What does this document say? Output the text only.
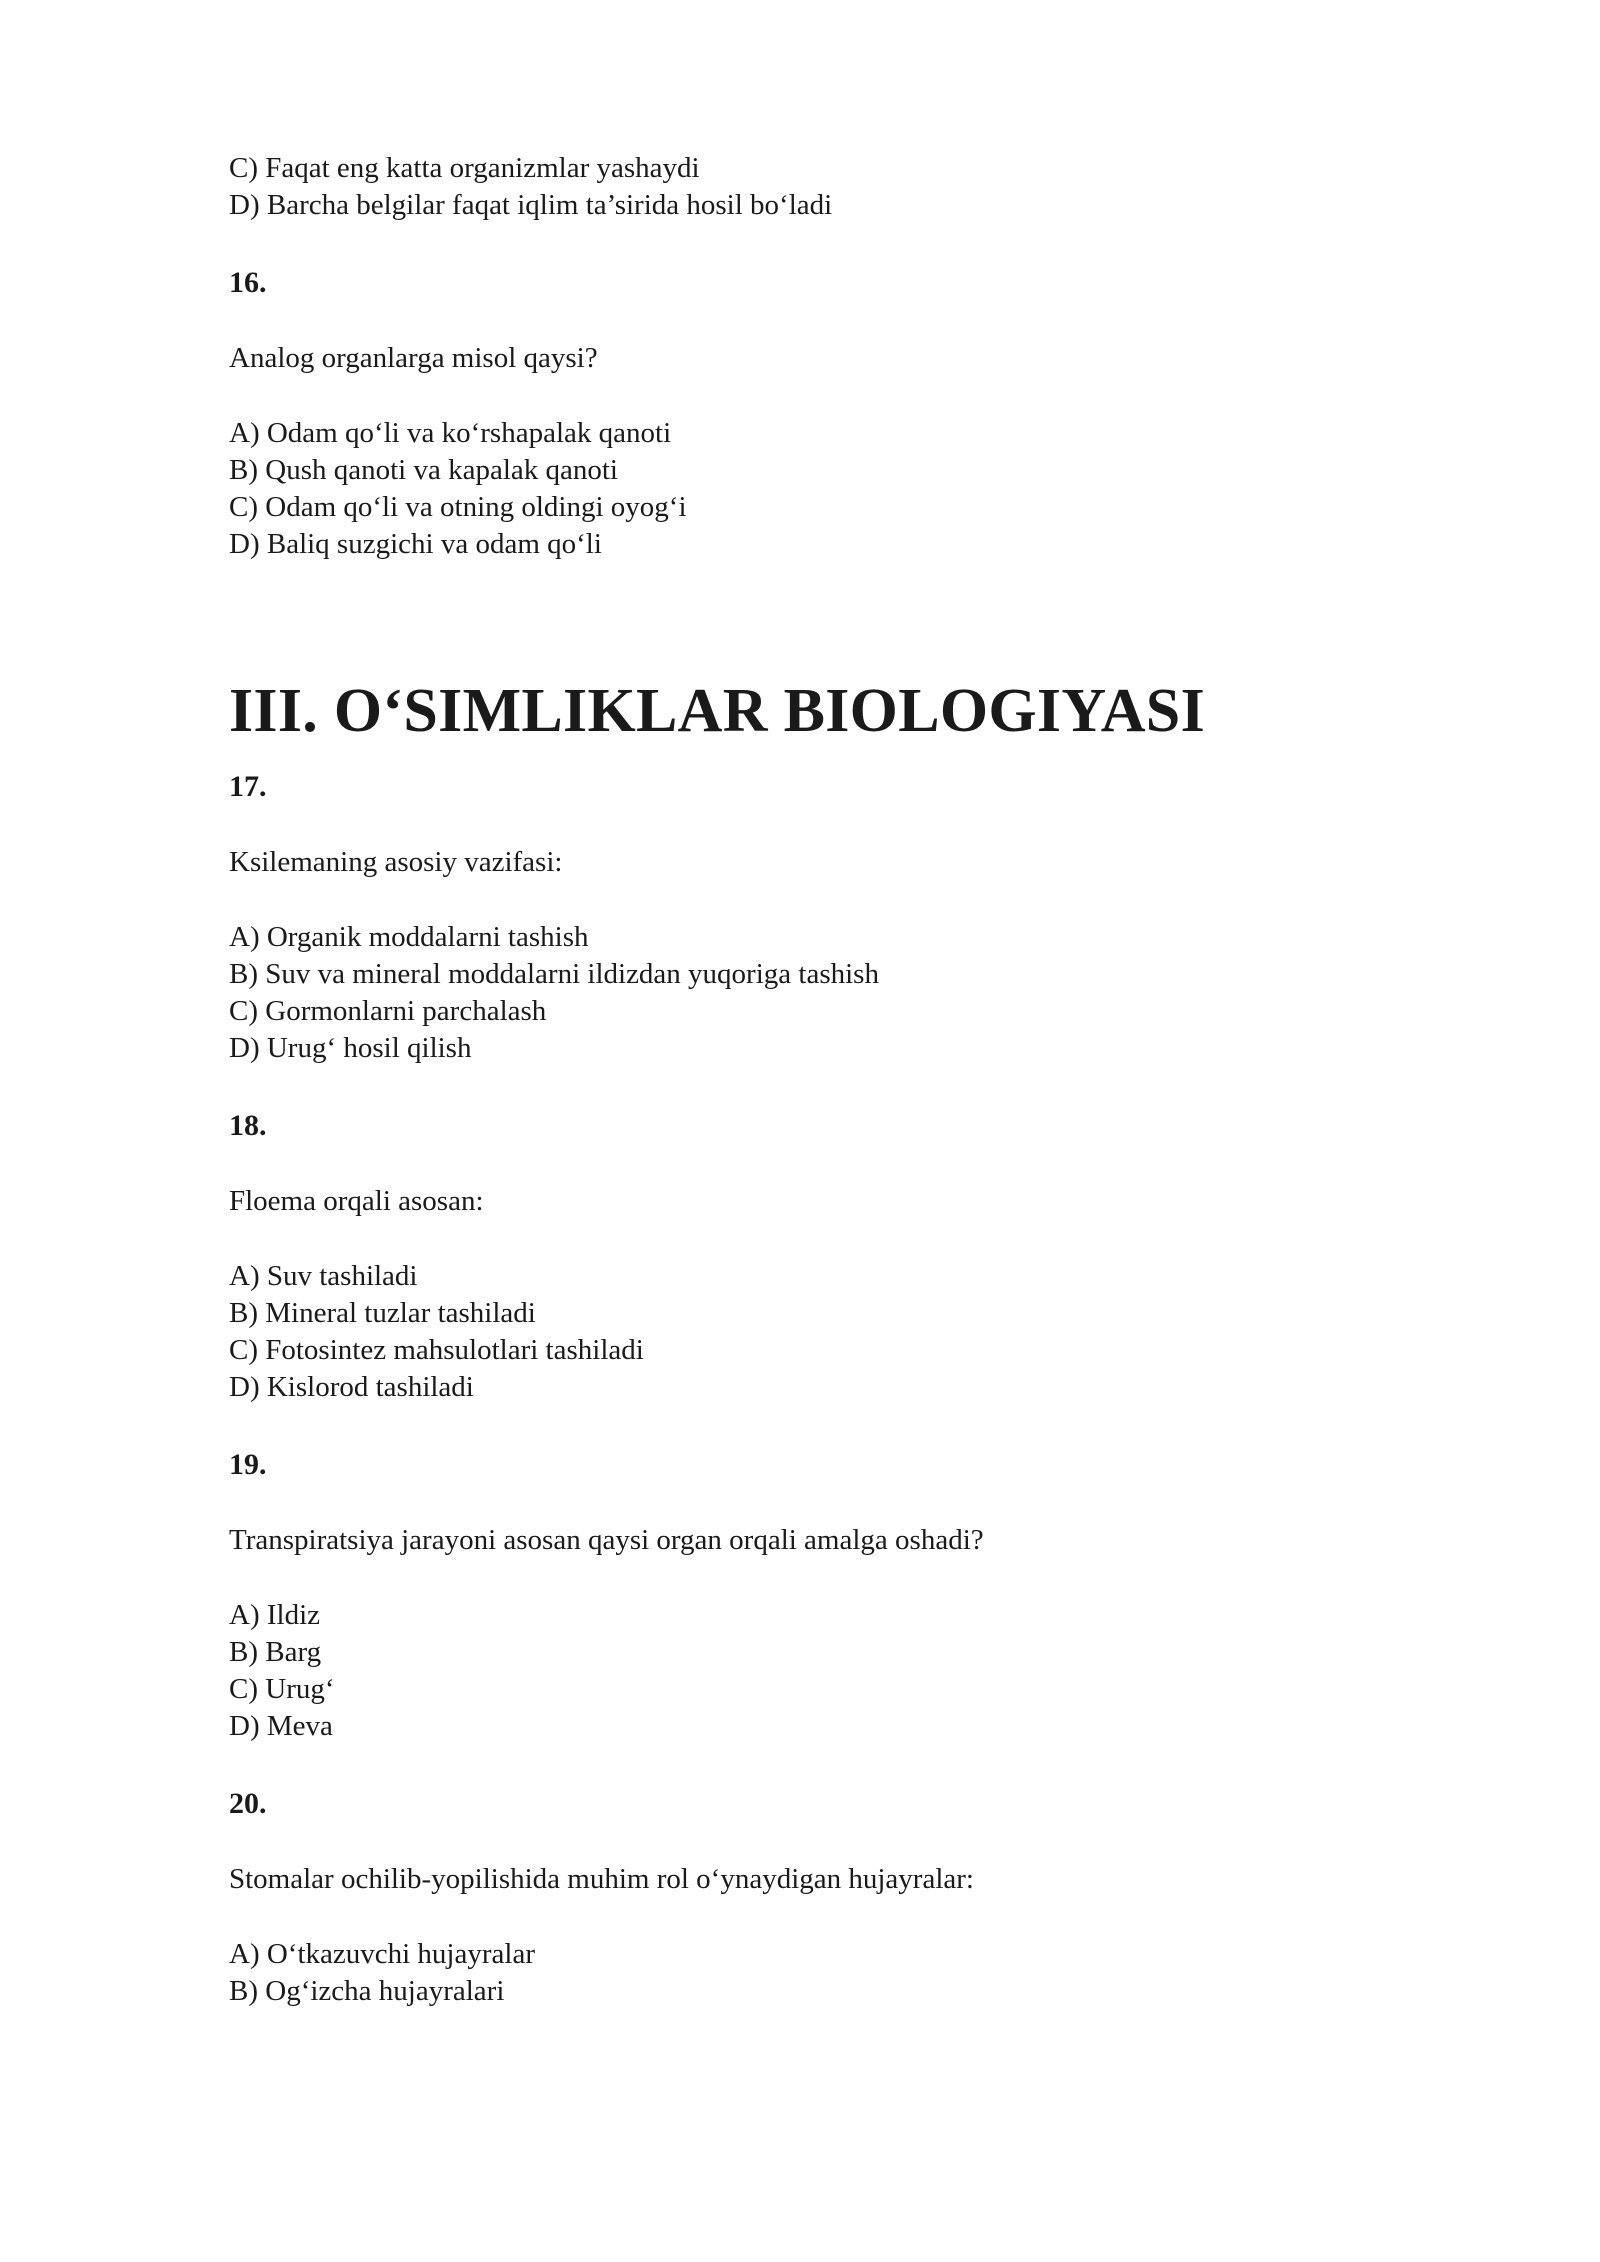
C) Faqat eng katta organizmlar yashaydi
D) Barcha belgilar faqat iqlim ta’sirida hosil bo‘ladi
16.
Analog organlarga misol qaysi?
A) Odam qo‘li va ko‘rshapalak qanoti
B) Qush qanoti va kapalak qanoti
C) Odam qo‘li va otning oldingi oyog‘i
D) Baliq suzgichi va odam qo‘li
III. O‘SIMLIKLAR BIOLOGIYASI
17.
Ksilemaning asosiy vazifasi:
A) Organik moddalarni tashish
B) Suv va mineral moddalarni ildizdan yuqoriga tashish
C) Gormonlarni parchalash
D) Urug‘ hosil qilish
18.
Floema orqali asosan:
A) Suv tashiladi
B) Mineral tuzlar tashiladi
C) Fotosintez mahsulotlari tashiladi
D) Kislorod tashiladi
19.
Transpiratsiya jarayoni asosan qaysi organ orqali amalga oshadi?
A) Ildiz
B) Barg
C) Urug‘
D) Meva
20.
Stomalar ochilib-yopilishida muhim rol o‘ynaydigan hujayralar:
A) O‘tkazuvchi hujayralar
B) Og‘izcha hujayralari
